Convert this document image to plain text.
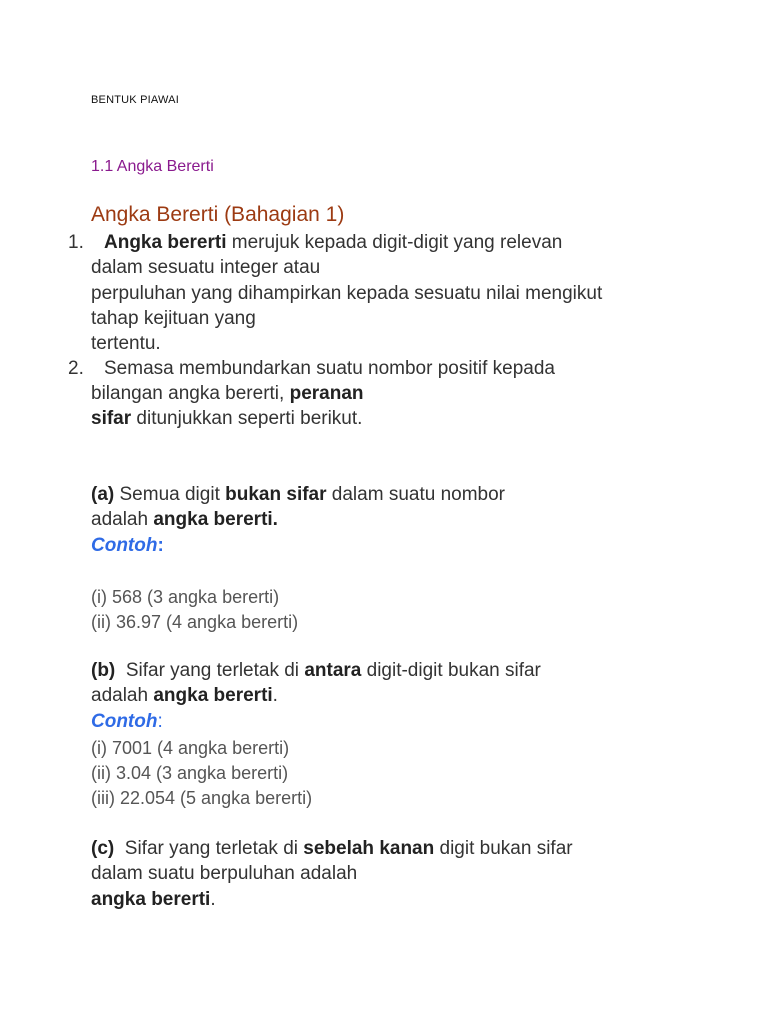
BENTUK PIAWAI
1.1 Angka Bererti
Angka Bererti (Bahagian 1)
1. Angka bererti merujuk kepada digit-digit yang relevan
dalam sesuatu integer atau
perpuluhan yang dihampirkan kepada sesuatu nilai mengikut
tahap kejituan yang
tertentu.
2. Semasa membundarkan suatu nombor positif kepada
bilangan angka bererti, peranan
sifar ditunjukkan seperti berikut.
(a) Semua digit bukan sifar dalam suatu nombor
adalah angka bererti.
Contoh:
(i) 568 (3 angka bererti)
(ii) 36.97 (4 angka bererti)
(b)  Sifar yang terletak di antara digit-digit bukan sifar
adalah angka bererti.
Contoh:
(i) 7001 (4 angka bererti)
(ii) 3.04 (3 angka bererti)
(iii) 22.054 (5 angka bererti)
(c)  Sifar yang terletak di sebelah kanan digit bukan sifar
dalam suatu berpuluhan adalah
angka bererti.
